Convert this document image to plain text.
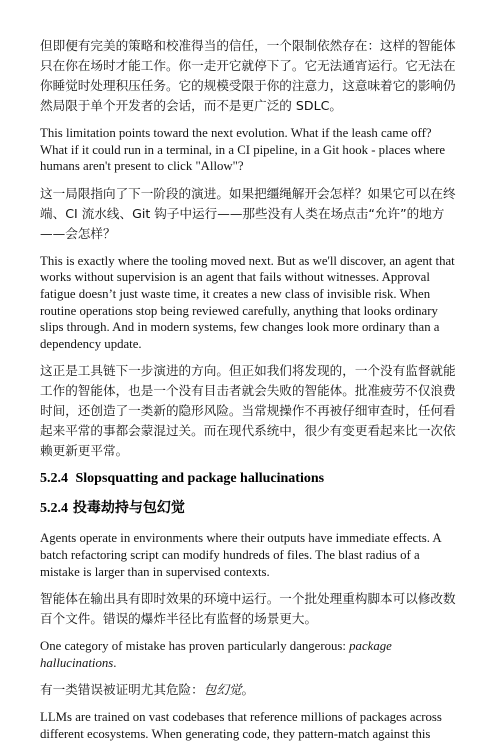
但即便有完美的策略和校准得当的信任，一个限制依然存在：这样的智能体只在你在场时才能工作。你一走开它就停下了。它无法通宵运行。它无法在你睡觉时处理积压任务。它的规模受限于你的注意力，这意味着它的影响仍然局限于单个开发者的会话，而不是更广泛的 SDLC。

This limitation points toward the next evolution. What if the leash came off? What if it could run in a terminal, in a CI pipeline, in a Git hook - places where humans aren't present to click "Allow"?

这一局限指向了下一阶段的演进。如果把缰绳解开会怎样？如果它可以在终端、CI 流水线、Git 钩子中运行——那些没有人类在场点击“允许”的地方——会怎样？

This is exactly where the tooling moved next. But as we'll discover, an agent that works without supervision is an agent that fails without witnesses. Approval fatigue doesn’t just waste time, it creates a new class of invisible risk. When routine operations stop being reviewed carefully, anything that looks ordinary slips through. And in modern systems, few changes look more ordinary than a dependency update.

这正是工具链下一步演进的方向。但正如我们将发现的，一个没有监督就能工作的智能体，也是一个没有目击者就会失败的智能体。批准疲劳不仅浪费时间，还创造了一类新的隐形风险。当常规操作不再被仔细审查时，任何看起来平常的事都会蒙混过关。而在现代系统中，很少有变更看起来比一次依赖更新更平常。

5.2.4 Slopsquatting and package hallucinations
5.2.4 投毒劫持与包幻觉

Agents operate in environments where their outputs have immediate effects. A batch refactoring script can modify hundreds of files. The blast radius of a mistake is larger than in supervised contexts.

智能体在输出具有即时效果的环境中运行。一个批处理重构脚本可以修改数百个文件。错误的爆炸半径比有监督的场景更大。

One category of mistake has proven particularly dangerous: package hallucinations.

有一类错误被证明尤其危险：包幻觉。

LLMs are trained on vast codebases that reference millions of packages across different ecosystems. When generating code, they pattern-match against this
